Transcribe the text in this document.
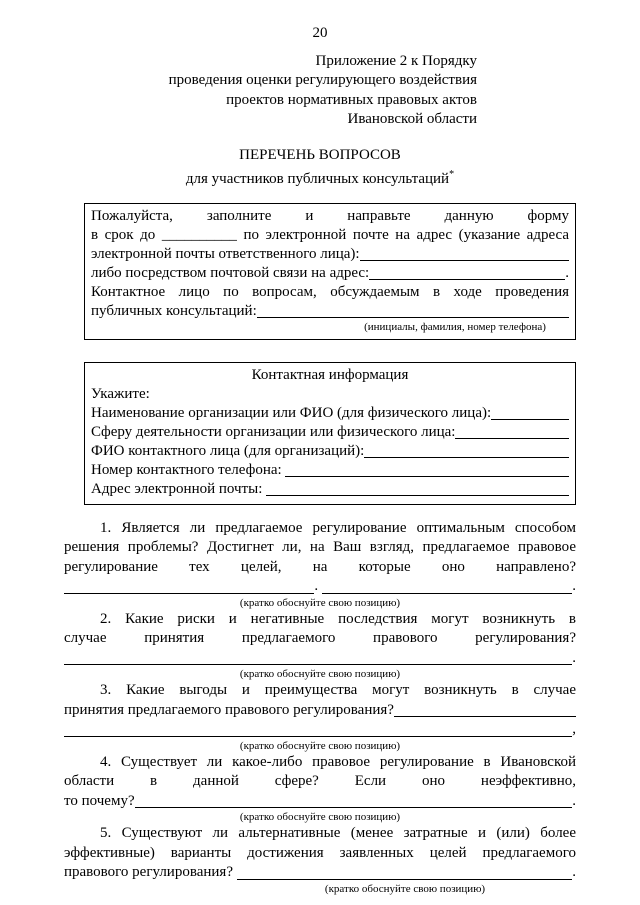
20
Приложение 2 к Порядку
проведения оценки регулирующего воздействия
проектов нормативных правовых актов
Ивановской области
ПЕРЕЧЕНЬ ВОПРОСОВ
для участников публичных консультаций*
Пожалуйста, заполните и направьте данную форму
в срок до __________ по электронной почте на адрес (указание адреса
электронной почты ответственного лица):
либо посредством почтовой связи на адрес:	.
Контактное лицо по вопросам, обсуждаемым в ходе проведения
публичных консультаций:
(инициалы, фамилия, номер телефона)
Контактная информация
Укажите:
Наименование организации или ФИО (для физического лица):
Сферу деятельности организации или физического лица:
ФИО контактного лица (для организаций):
Номер контактного телефона:
Адрес электронной почты:
1. Является ли предлагаемое регулирование оптимальным способом
решения проблемы? Достигнет ли, на Ваш взгляд, предлагаемое правовое
регулирование тех целей, на которые оно направлено?
.	.
(кратко обоснуйте свою позицию)
2. Какие риски и негативные последствия могут возникнуть в
случае принятия предлагаемого правового регулирования?
.
(кратко обоснуйте свою позицию)
3. Какие выгоды и преимущества могут возникнуть в случае
принятия предлагаемого правового регулирования?
,
(кратко обоснуйте свою позицию)
4. Существует ли какое-либо правовое регулирование в Ивановской
области в данной сфере? Если оно неэффективно,
то почему?	.
(кратко обоснуйте свою позицию)
5. Существуют ли альтернативные (менее затратные и (или) более
эффективные) варианты достижения заявленных целей предлагаемого
правового регулирования?	.
(кратко обоснуйте свою позицию)
